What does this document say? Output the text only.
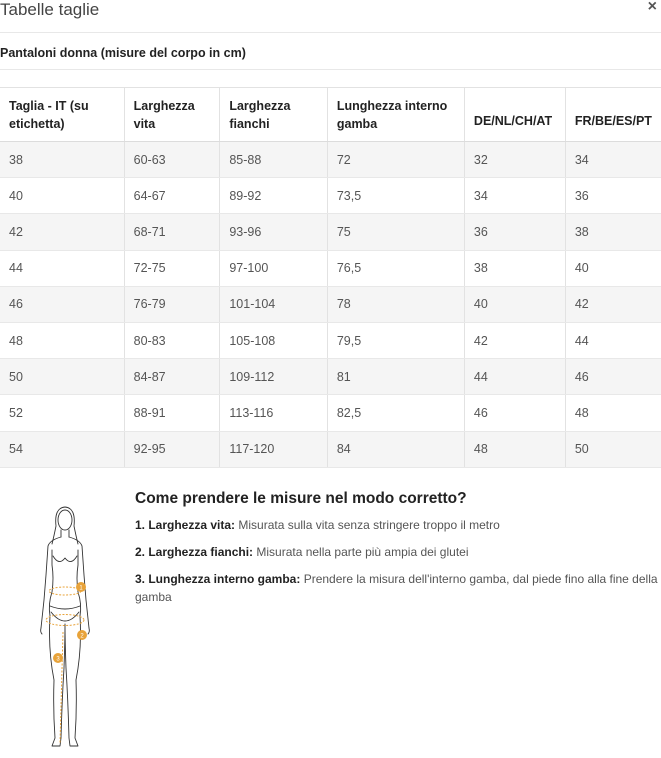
Tabelle taglie	×
Pantaloni donna (misure del corpo in cm)
Taglia - IT (su etichetta)	Larghezza vita	Larghezza fianchi	Lunghezza interno gamba	DE/NL/CH/AT	FR/BE/ES/PT
38	60-63	85-88	72	32	34
40	64-67	89-92	73,5	34	36
42	68-71	93-96	75	36	38
44	72-75	97-100	76,5	38	40
46	76-79	101-104	78	40	42
48	80-83	105-108	79,5	42	44
50	84-87	109-112	81	44	46
52	88-91	113-116	82,5	46	48
54	92-95	117-120	84	48	50
1
2
3
Come prendere le misure nel modo corretto?

1. Larghezza vita: Misurata sulla vita senza stringere troppo il metro

2. Larghezza fianchi: Misurata nella parte più ampia dei glutei

3. Lunghezza interno gamba: Prendere la misura dell'interno gamba, dal piede fino alla fine della gamba
